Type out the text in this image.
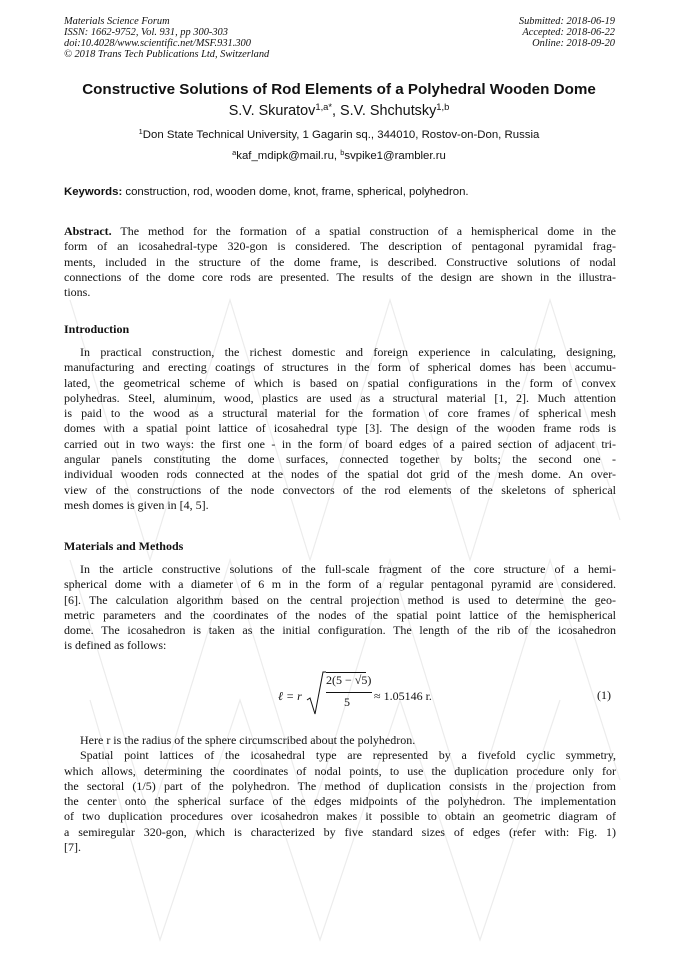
Materials Science Forum
ISSN: 1662-9752, Vol. 931, pp 300-303
doi:10.4028/www.scientific.net/MSF.931.300
© 2018 Trans Tech Publications Ltd, Switzerland
Submitted: 2018-06-19
Accepted: 2018-06-22
Online: 2018-09-20
Constructive Solutions of Rod Elements of a Polyhedral Wooden Dome
S.V. Skuratov$^{1,a*}$, S.V. Shchutsky$^{1,b}$
$^1$Don State Technical University, 1 Gagarin sq., 344010, Rostov-on-Don, Russia
$^a$kaf_mdipk@mail.ru, $^b$svpike1@rambler.ru
Keywords: construction, rod, wooden dome, knot, frame, spherical, polyhedron.
Abstract. The method for the formation of a spatial construction of a hemispherical dome in the
form of an icosahedral-type 320-gon is considered. The description of pentagonal pyramidal frag-
ments, included in the structure of the dome frame, is described. Constructive solutions of nodal
connections of the dome core rods are presented. The results of the design are shown in the illustra-
tions.
Introduction
In practical construction, the richest domestic and foreign experience in calculating, designing,
manufacturing and erecting coatings of structures in the form of spherical domes has been accumu-
lated, the geometrical scheme of which is based on spatial configurations in the form of convex
polyhedras. Steel, aluminum, wood, plastics are used as a structural material [1, 2]. Much attention
is paid to the wood as a structural material for the formation of core frames of spherical mesh
domes with a spatial point lattice of icosahedral type [3]. The design of the wooden frame rods is
carried out in two ways: the first one - in the form of board edges of a paired section of adjacent tri-
angular panels constituting the dome surfaces, connected together by bolts; the second one -
individual wooden rods connected at the nodes of the spatial dot grid of the mesh dome. An over-
view of the constructions of the node convectors of the rod elements of the skeletons of spherical
mesh domes is given in [4, 5].
Materials and Methods
In the article constructive solutions of the full-scale fragment of the core structure of a hemi-
spherical dome with a diameter of 6 m in the form of a regular pentagonal pyramid are considered.
[6]. The calculation algorithm based on the central projection method is used to determine the geo-
metric parameters and the coordinates of the nodes of the spatial point lattice of the hemispherical
dome. The icosahedron is taken as the initial configuration. The length of the rib of the icosahedron
is defined as follows:
ℓ = r
2(5 − √5)
5 ≈ 1.05146 r.	(1)
Here r is the radius of the sphere circumscribed about the polyhedron.
Spatial point lattices of the icosahedral type are represented by a fivefold cyclic symmetry,
which allows, determining the coordinates of nodal points, to use the duplication procedure only for
the sectoral (1/5) part of the polyhedron. The method of duplication consists in the projection from
the center onto the spherical surface of the edges midpoints of the polyhedron. The implementation
of two duplication procedures over icosahedron makes it possible to obtain an geometric diagram of
a semiregular 320-gon, which is characterized by five standard sizes of edges (refer with: Fig. 1)
[7].
